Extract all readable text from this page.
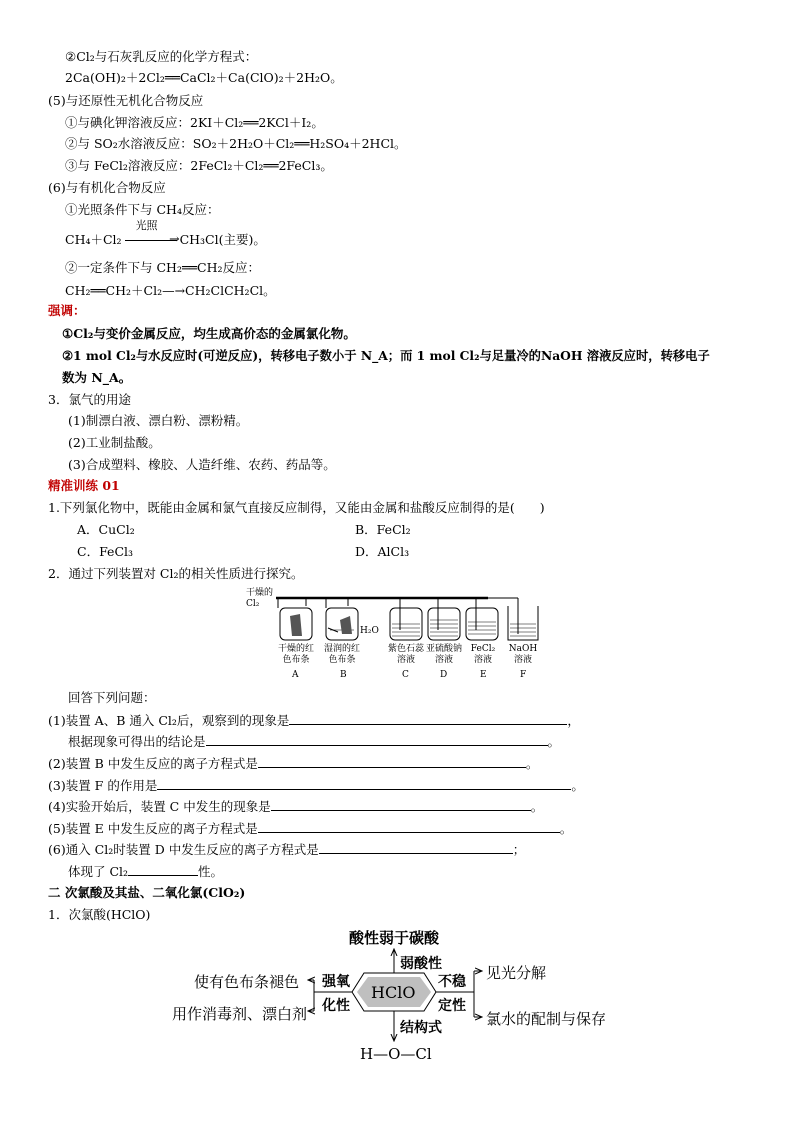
②Cl₂与石灰乳反应的化学方程式：
2Ca(OH)₂＋2Cl₂══CaCl₂＋Ca(ClO)₂＋2H₂O。
(5)与还原性无机化合物反应
①与碘化钾溶液反应：2KI＋Cl₂══2KCl＋I₂。
②与 SO₂水溶液反应：SO₂＋2H₂O＋Cl₂══H₂SO₄＋2HCl。
③与 FeCl₂溶液反应：2FeCl₂＋Cl₂══2FeCl₃。
(6)与有机化合物反应
①光照条件下与 CH₄反应：
CH₄＋Cl₂
光照
→ CH₃Cl(主要)。
②一定条件下与 CH₂══CH₂反应：
CH₂══CH₂＋Cl₂—→CH₂ClCH₂Cl。
强调：
①Cl₂与变价金属反应，均生成高价态的金属氯化物。
②1 mol Cl₂与水反应时(可逆反应)，转移电子数小于 N_A；而 1 mol Cl₂与足量冷的NaOH 溶液反应时，转移电子
数为 N_A。
3．氯气的用途
(1)制漂白液、漂白粉、漂粉精。
(2)工业制盐酸。
(3)合成塑料、橡胶、人造纤维、农药、药品等。
精准训练 01
1.下列氯化物中，既能由金属和氯气直接反应制得，又能由金属和盐酸反应制得的是(　　)
A．CuCl₂	B．FeCl₂
C．FeCl₃	D．AlCl₃
2．通过下列装置对 Cl₂的相关性质进行探究。
干燥的Cl₂
H₂O
干燥的红色布条
湿润的红色布条
紫色石蕊溶液
亚硫酸钠溶液
FeCl₂溶液
NaOH溶液
A	B	C	D	E	F
回答下列问题：
(1)装置 A、B 通入 Cl₂后，观察到的现象是	，
根据现象可得出的结论是	。
(2)装置 B 中发生反应的离子方程式是	。
(3)装置 F 的作用是	。
(4)实验开始后，装置 C 中发生的现象是	。
(5)装置 E 中发生反应的离子方程式是	。
(6)通入 Cl₂时装置 D 中发生反应的离子方程式是	；
体现了 Cl₂	性。
二 次氯酸及其盐、二氧化氯(ClO₂)
1．次氯酸(HClO)
酸性弱于碳酸
弱酸性
HClO
强氧
化性
使有色布条褪色
用作消毒剂、漂白剂
不稳
定性
见光分解
氯水的配制与保存
结构式
H—O—Cl
